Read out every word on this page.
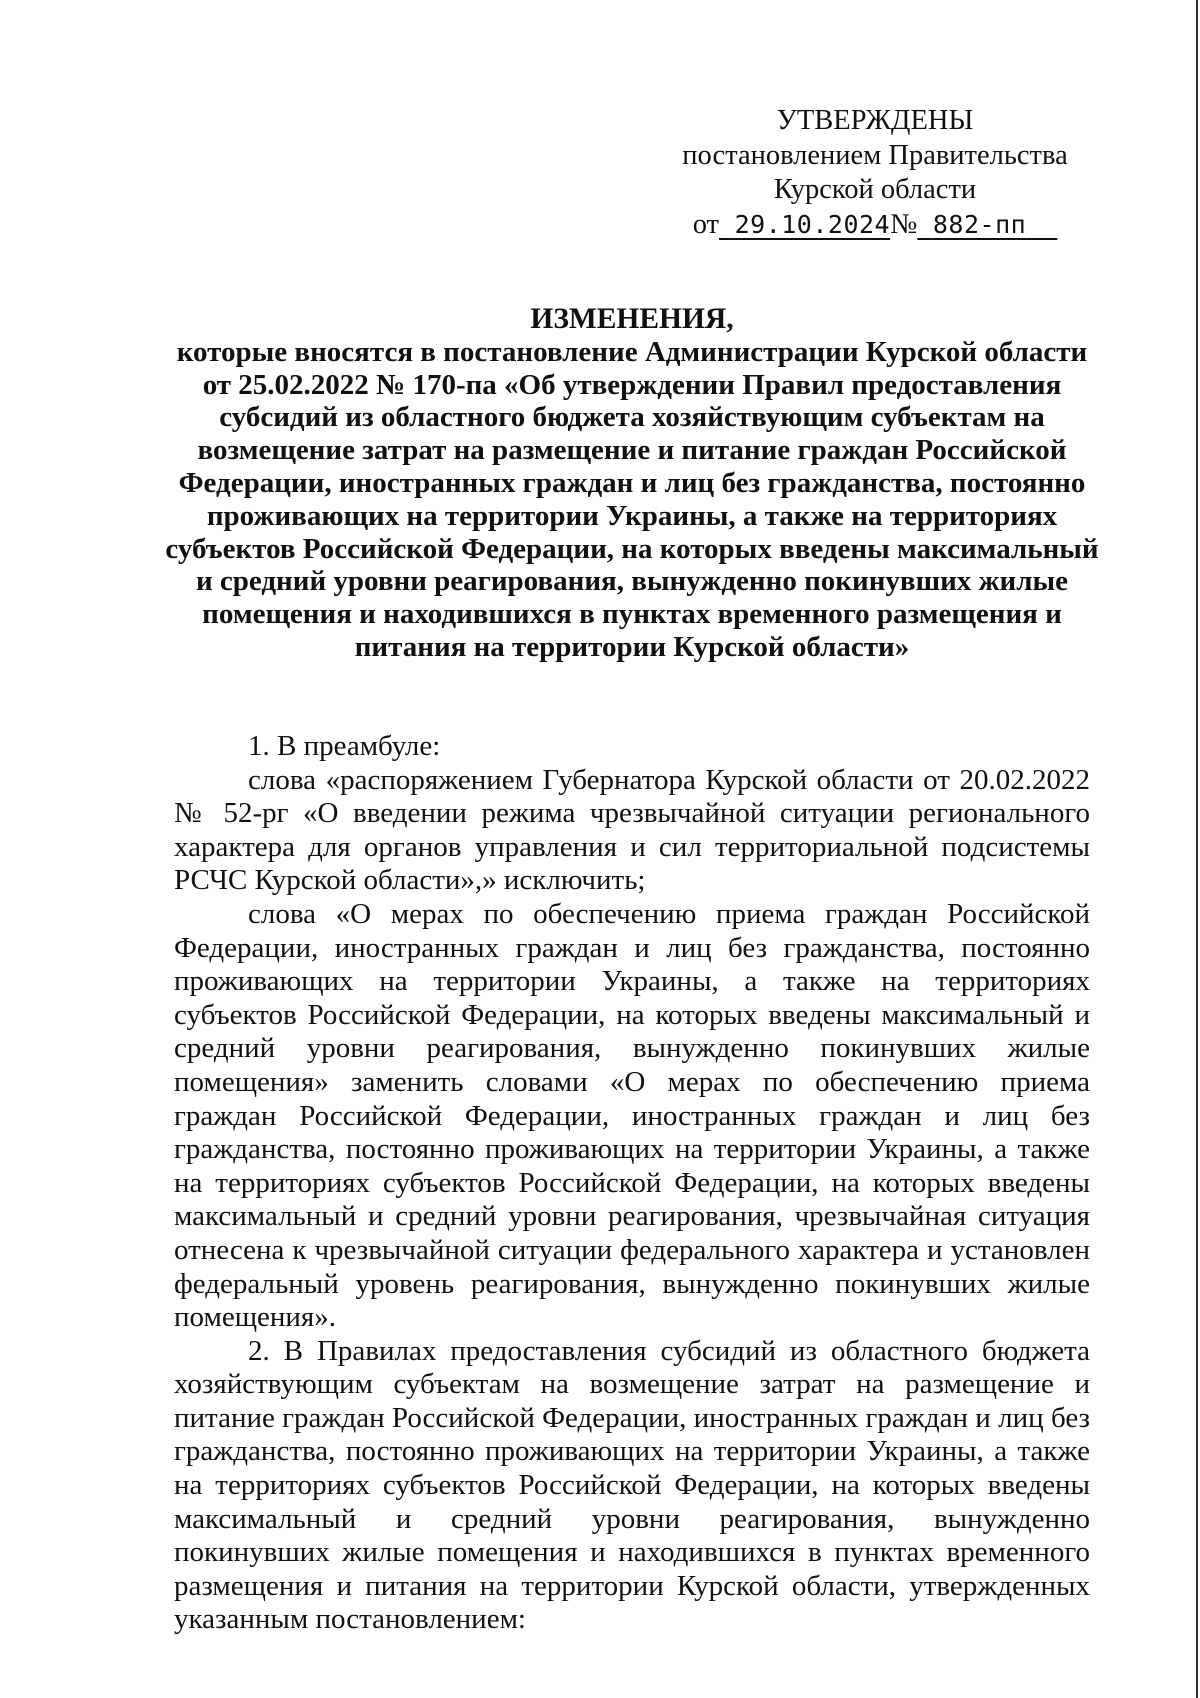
УТВЕРЖДЕНЫ
постановлением Правительства
Курской области
от 29.10.2024№ 882-пп
ИЗМЕНЕНИЯ,
которые вносятся в постановление Администрации Курской области от 25.02.2022 № 170-па «Об утверждении Правил предоставления субсидий из областного бюджета хозяйствующим субъектам на возмещение затрат на размещение и питание граждан Российской Федерации, иностранных граждан и лиц без гражданства, постоянно проживающих на территории Украины, а также на территориях субъектов Российской Федерации, на которых введены максимальный и средний уровни реагирования, вынужденно покинувших жилые помещения и находившихся в пунктах временного размещения и питания на территории Курской области»

1. В преамбуле:

слова «распоряжением Губернатора Курской области от 20.02.2022 № 52-рг «О введении режима чрезвычайной ситуации регионального характера для органов управления и сил территориальной подсистемы РСЧС Курской области»,» исключить;

слова «О мерах по обеспечению приема граждан Российской Федерации, иностранных граждан и лиц без гражданства, постоянно проживающих на территории Украины, а также на территориях субъектов Российской Федерации, на которых введены максимальный и средний уровни реагирования, вынужденно покинувших жилые помещения» заменить словами «О мерах по обеспечению приема граждан Российской Федерации, иностранных граждан и лиц без гражданства, постоянно проживающих на территории Украины, а также на территориях субъектов Российской Федерации, на которых введены максимальный и средний уровни реагирования, чрезвычайная ситуация отнесена к чрезвычайной ситуации федерального характера и установлен федеральный уровень реагирования, вынужденно покинувших жилые помещения».

2. В Правилах предоставления субсидий из областного бюджета хозяйствующим субъектам на возмещение затрат на размещение и питание граждан Российской Федерации, иностранных граждан и лиц без гражданства, постоянно проживающих на территории Украины, а также на территориях субъектов Российской Федерации, на которых введены максимальный и средний уровни реагирования, вынужденно покинувших жилые помещения и находившихся в пунктах временного размещения и питания на территории Курской области, утвержденных указанным постановлением:
